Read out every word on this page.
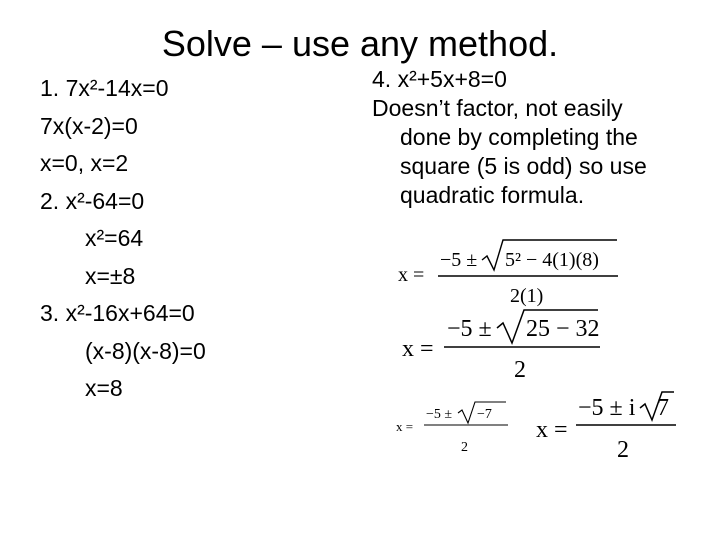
Solve – use any method.
1. 7x²-14x=0
7x(x-2)=0
x=0, x=2
2. x²-64=0
x²=64
x=±8
3. x²-16x+64=0
(x-8)(x-8)=0
x=8
4. x²+5x+8=0
Doesn’t factor, not easily
done by completing the
square (5 is odd) so use
quadratic formula.
x =
−5 ± 5² − 4(1)(8)
2(1)
x =
−5 ± 25 − 32
2
x =
−5 ± −7
2
x =
−5 ± i 7
2
